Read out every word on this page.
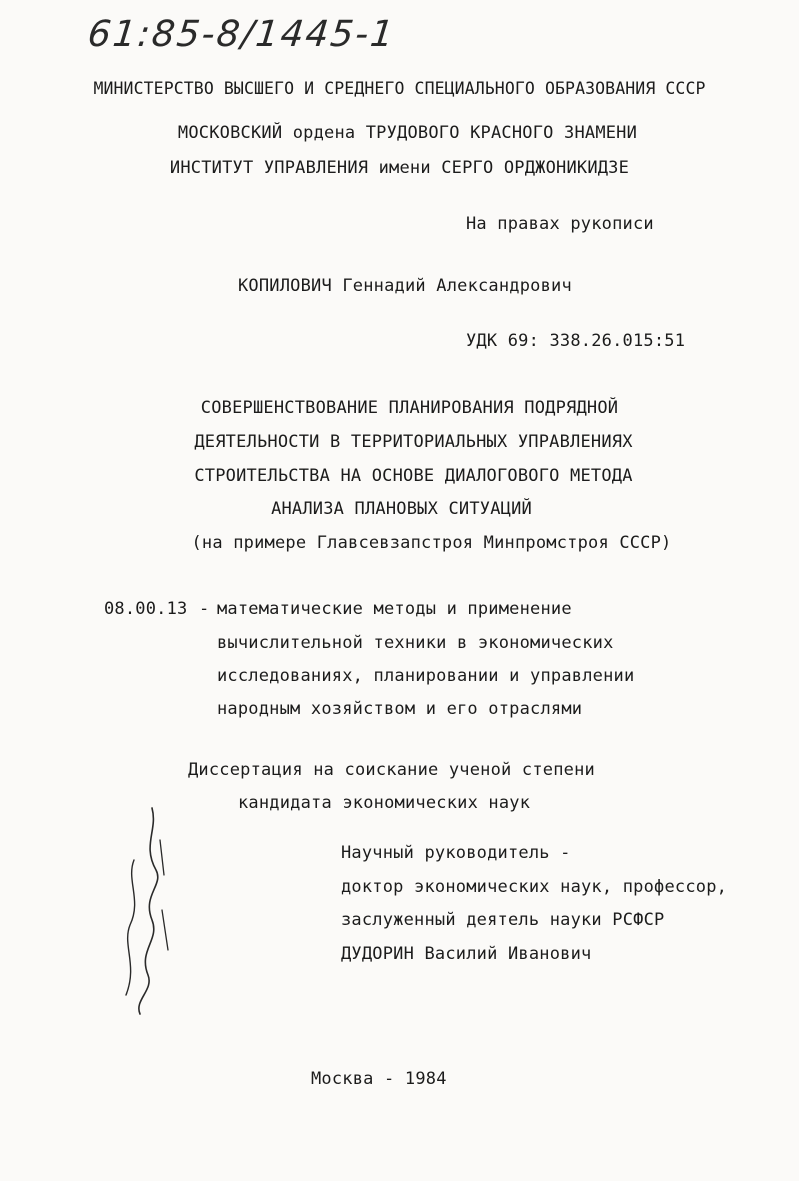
61:85-8/1445-1
МИНИСТЕРСТВО ВЫСШЕГО И СРЕДНЕГО СПЕЦИАЛЬНОГО ОБРАЗОВАНИЯ СССР
МОСКОВСКИЙ ордена ТРУДОВОГО КРАСНОГО ЗНАМЕНИ
ИНСТИТУТ УПРАВЛЕНИЯ имени СЕРГО ОРДЖОНИКИДЗЕ
На правах рукописи
КОПИЛОВИЧ Геннадий Александрович
УДК 69: 338.26.015:51
СОВЕРШЕНСТВОВАНИЕ ПЛАНИРОВАНИЯ ПОДРЯДНОЙ
ДЕЯТЕЛЬНОСТИ В ТЕРРИТОРИАЛЬНЫХ УПРАВЛЕНИЯХ
СТРОИТЕЛЬСТВА НА ОСНОВЕ ДИАЛОГОВОГО МЕТОДА
АНАЛИЗА ПЛАНОВЫХ СИТУАЦИЙ
(на примере Главсевзапстроя Минпромстроя СССР)
08.00.13 - математические методы и применение
вычислительной техники в экономических
исследованиях, планировании и управлении
народным хозяйством и его отраслями
Диссертация на соискание ученой степени
кандидата экономических наук
Научный руководитель -
доктор экономических наук, профессор,
заслуженный деятель науки РСФСР
ДУДОРИН Василий Иванович
Москва - 1984
